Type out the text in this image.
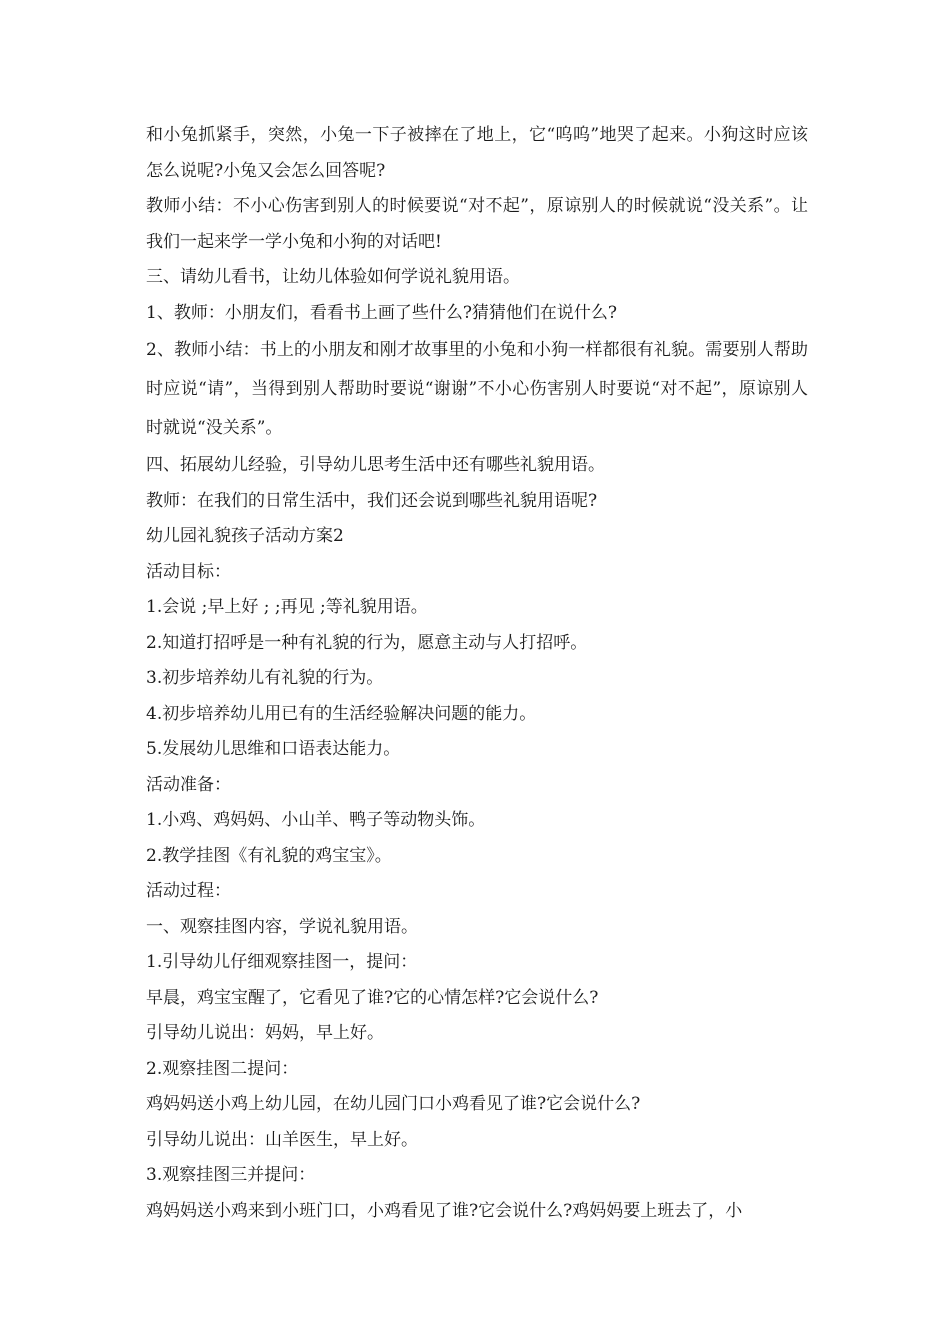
和小兔抓紧手，突然，小兔一下子被摔在了地上，它“呜呜”地哭了起来。小狗这时应该怎么说呢?小兔又会怎么回答呢?

教师小结：不小心伤害到别人的时候要说“对不起”，原谅别人的时候就说“没关系”。让我们一起来学一学小兔和小狗的对话吧!

三、请幼儿看书，让幼儿体验如何学说礼貌用语。

1、教师：小朋友们，看看书上画了些什么?猜猜他们在说什么?

2、教师小结：书上的小朋友和刚才故事里的小兔和小狗一样都很有礼貌。需要别人帮助时应说“请”，当得到别人帮助时要说“谢谢”不小心伤害别人时要说“对不起”，原谅别人时就说“没关系”。

四、拓展幼儿经验，引导幼儿思考生活中还有哪些礼貌用语。

教师：在我们的日常生活中，我们还会说到哪些礼貌用语呢?

幼儿园礼貌孩子活动方案2

活动目标：

1.会说 ;早上好 ; ;再见 ;等礼貌用语。

2.知道打招呼是一种有礼貌的行为，愿意主动与人打招呼。

3.初步培养幼儿有礼貌的行为。

4.初步培养幼儿用已有的生活经验解决问题的能力。

5.发展幼儿思维和口语表达能力。

活动准备：

1.小鸡、鸡妈妈、小山羊、鸭子等动物头饰。

2.教学挂图《有礼貌的鸡宝宝》。

活动过程：

一、观察挂图内容，学说礼貌用语。

1.引导幼儿仔细观察挂图一，提问：

早晨，鸡宝宝醒了，它看见了谁?它的心情怎样?它会说什么?

引导幼儿说出：妈妈，早上好。

2.观察挂图二提问：

鸡妈妈送小鸡上幼儿园，在幼儿园门口小鸡看见了谁?它会说什么?

引导幼儿说出：山羊医生，早上好。

3.观察挂图三并提问：

鸡妈妈送小鸡来到小班门口，小鸡看见了谁?它会说什么?鸡妈妈要上班去了，小
